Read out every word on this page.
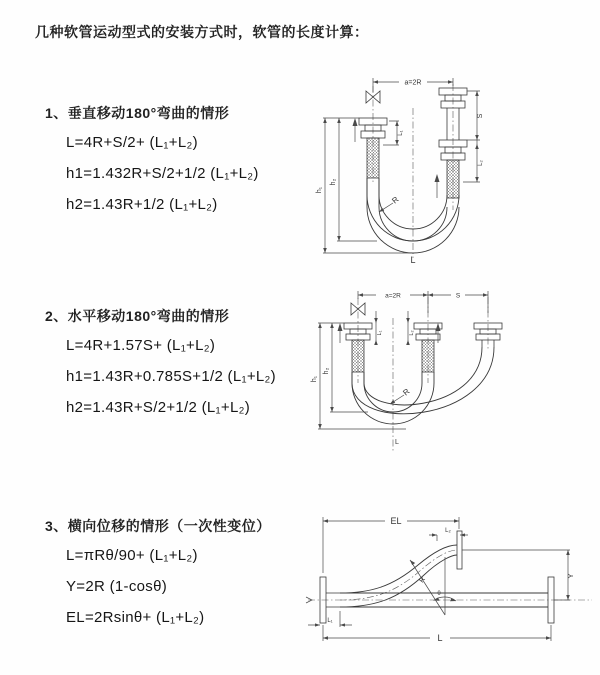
几种软管运动型式的安装方式时，软管的长度计算：
1、垂直移动180°弯曲的情形
L=4R+S/2+ (L₁+L₂)
h1=1.432R+S/2+1/2 (L₁+L₂)
h2=1.43R+1/2 (L₁+L₂)
a=2R
h₁
h₂
S
L₂
L₁
R
L
2、水平移动180°弯曲的情形
L=4R+1.57S+ (L₁+L₂)
h1=1.43R+0.785S+1/2 (L₁+L₂)
h2=1.43R+S/2+1/2 (L₁+L₂)
a=2R	S
h₁
h₂
L₁	L₂
R
L
3、横向位移的情形（一次性变位）
L=πRθ/90+ (L₁+L₂)
Y=2R (1-cosθ)
EL=2Rsinθ+ (L₁+L₂)
EL
L₂
Y
L
L₁
R
θ
